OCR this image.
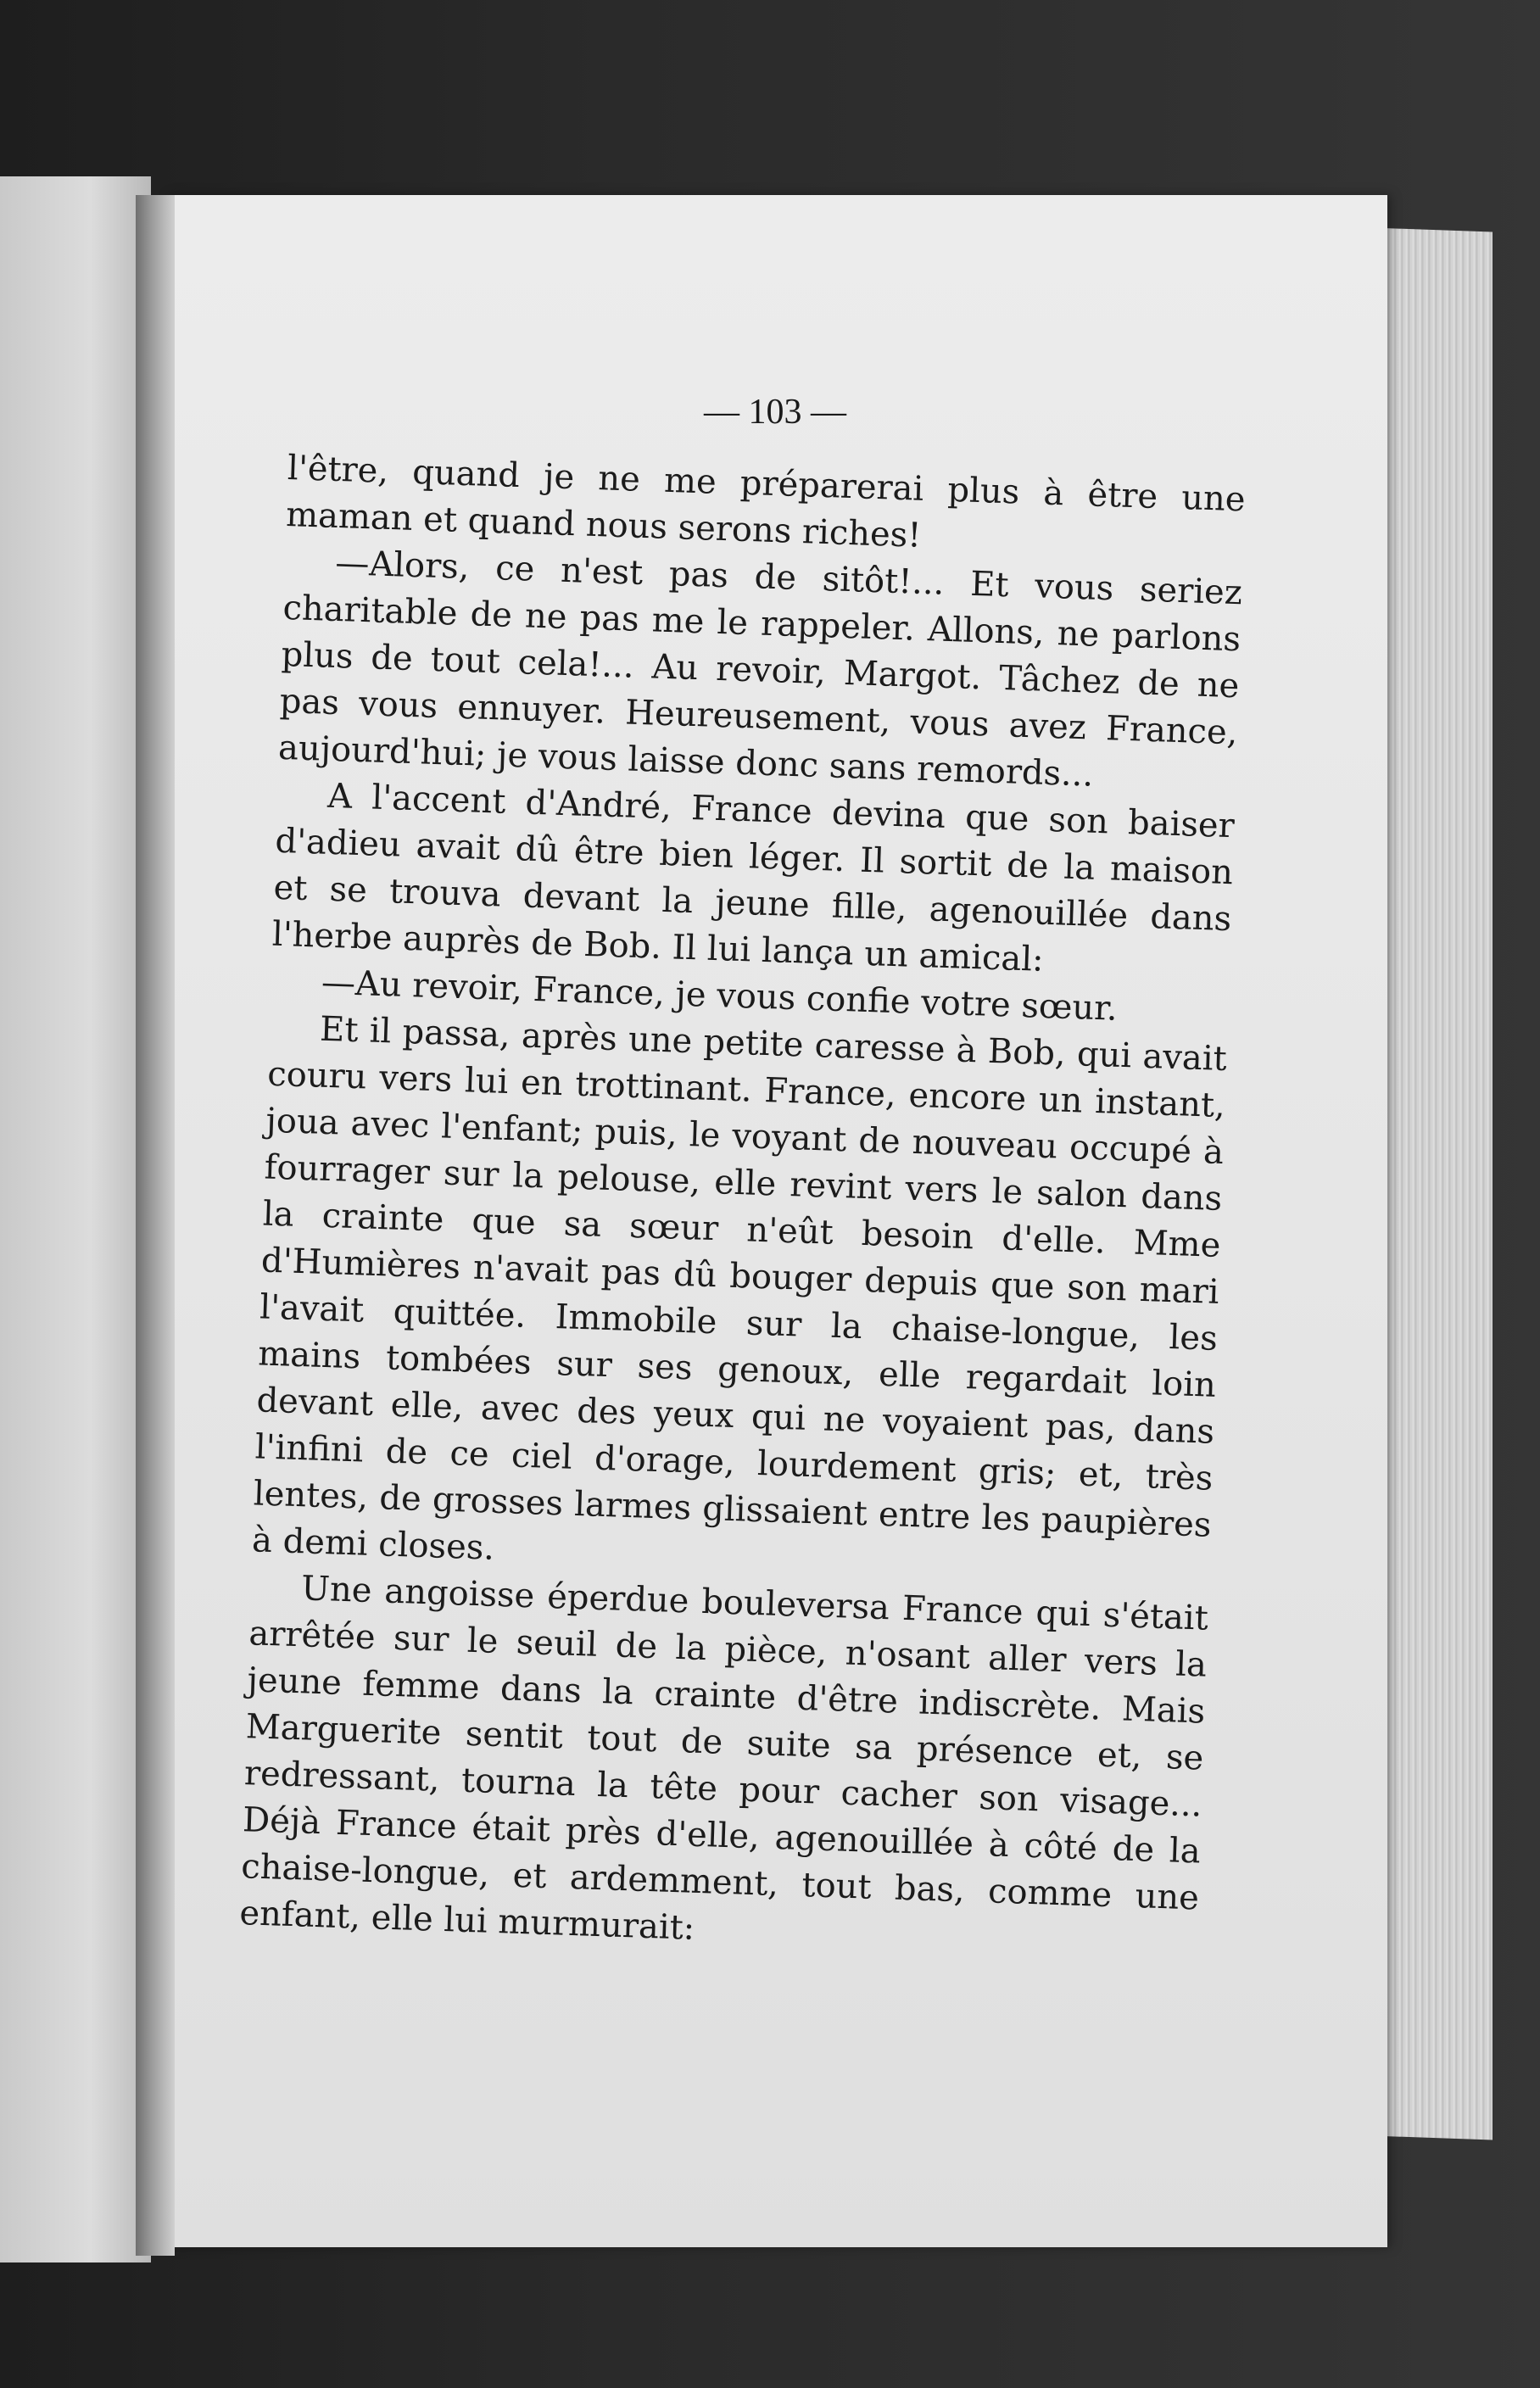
— 103 —

l'être, quand je ne me préparerai plus à être une maman et quand nous serons riches!

—Alors, ce n'est pas de sitôt!... Et vous seriez charitable de ne pas me le rappeler. Allons, ne parlons plus de tout cela!... Au revoir, Margot. Tâchez de ne pas vous ennuyer. Heureusement, vous avez France, aujourd'hui; je vous laisse donc sans remords...

A l'accent d'André, France devina que son baiser d'adieu avait dû être bien léger. Il sortit de la maison et se trouva devant la jeune fille, agenouillée dans l'herbe auprès de Bob. Il lui lança un amical:

—Au revoir, France, je vous confie votre sœur.

Et il passa, après une petite caresse à Bob, qui avait couru vers lui en trottinant. France, encore un instant, joua avec l'enfant; puis, le voyant de nouveau occupé à fourrager sur la pelouse, elle revint vers le salon dans la crainte que sa sœur n'eût besoin d'elle. Mme d'Humières n'avait pas dû bouger depuis que son mari l'avait quittée. Immobile sur la chaise-longue, les mains tombées sur ses genoux, elle regardait loin devant elle, avec des yeux qui ne voyaient pas, dans l'infini de ce ciel d'orage, lourdement gris; et, très lentes, de grosses larmes glissaient entre les paupières à demi closes.

Une angoisse éperdue bouleversa France qui s'était arrêtée sur le seuil de la pièce, n'osant aller vers la jeune femme dans la crainte d'être indiscrète. Mais Marguerite sentit tout de suite sa présence et, se redressant, tourna la tête pour cacher son visage... Déjà France était près d'elle, agenouillée à côté de la chaise-longue, et ardemment, tout bas, comme une enfant, elle lui murmurait:
